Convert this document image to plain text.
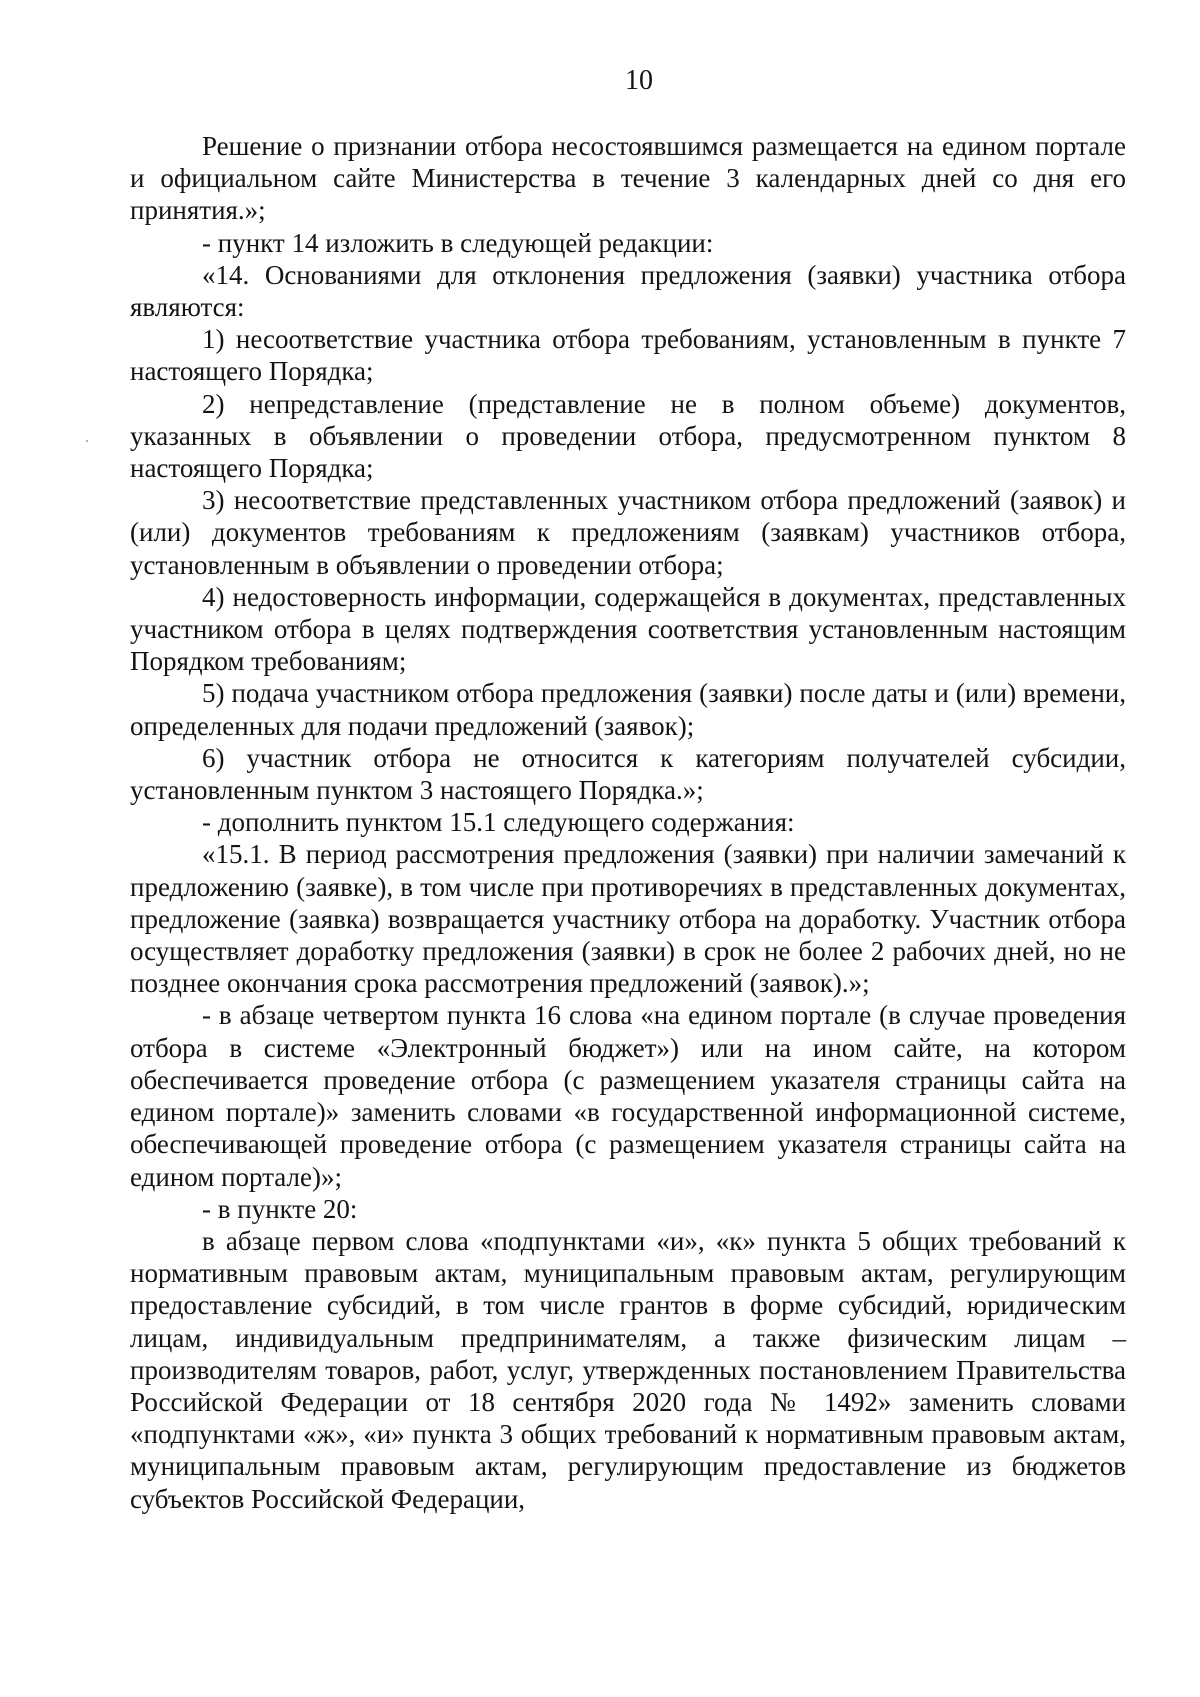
10

Решение о признании отбора несостоявшимся размещается на едином портале и официальном сайте Министерства в течение 3 календарных дней со дня его принятия.»;

- пункт 14 изложить в следующей редакции:

«14. Основаниями для отклонения предложения (заявки) участника отбора являются:

1) несоответствие участника отбора требованиям, установленным в пункте 7 настоящего Порядка;

2) непредставление (представление не в полном объеме) документов, указанных в объявлении о проведении отбора, предусмотренном пунктом 8 настоящего Порядка;

3) несоответствие представленных участником отбора предложений (заявок) и (или) документов требованиям к предложениям (заявкам) участников отбора, установленным в объявлении о проведении отбора;

4) недостоверность информации, содержащейся в документах, представленных участником отбора в целях подтверждения соответствия установленным настоящим Порядком требованиям;

5) подача участником отбора предложения (заявки) после даты и (или) времени, определенных для подачи предложений (заявок);

6) участник отбора не относится к категориям получателей субсидии, установленным пунктом 3 настоящего Порядка.»;

- дополнить пунктом 15.1 следующего содержания:

«15.1. В период рассмотрения предложения (заявки) при наличии замечаний к предложению (заявке), в том числе при противоречиях в представленных документах, предложение (заявка) возвращается участнику отбора на доработку. Участник отбора осуществляет доработку предложения (заявки) в срок не более 2 рабочих дней, но не позднее окончания срока рассмотрения предложений (заявок).»;

- в абзаце четвертом пункта 16 слова «на едином портале (в случае проведения отбора в системе «Электронный бюджет») или на ином сайте, на котором обеспечивается проведение отбора (с размещением указателя страницы сайта на едином портале)» заменить словами «в государственной информационной системе, обеспечивающей проведение отбора (с размещением указателя страницы сайта на едином портале)»;

- в пункте 20:

в абзаце первом слова «подпунктами «и», «к» пункта 5 общих требований к нормативным правовым актам, муниципальным правовым актам, регулирующим предоставление субсидий, в том числе грантов в форме субсидий, юридическим лицам, индивидуальным предпринимателям, а также физическим лицам – производителям товаров, работ, услуг, утвержденных постановлением Правительства Российской Федерации от 18 сентября 2020 года № 1492» заменить словами «подпунктами «ж», «и» пункта 3 общих требований к нормативным правовым актам, муниципальным правовым актам, регулирующим предоставление из бюджетов субъектов Российской Федерации,
